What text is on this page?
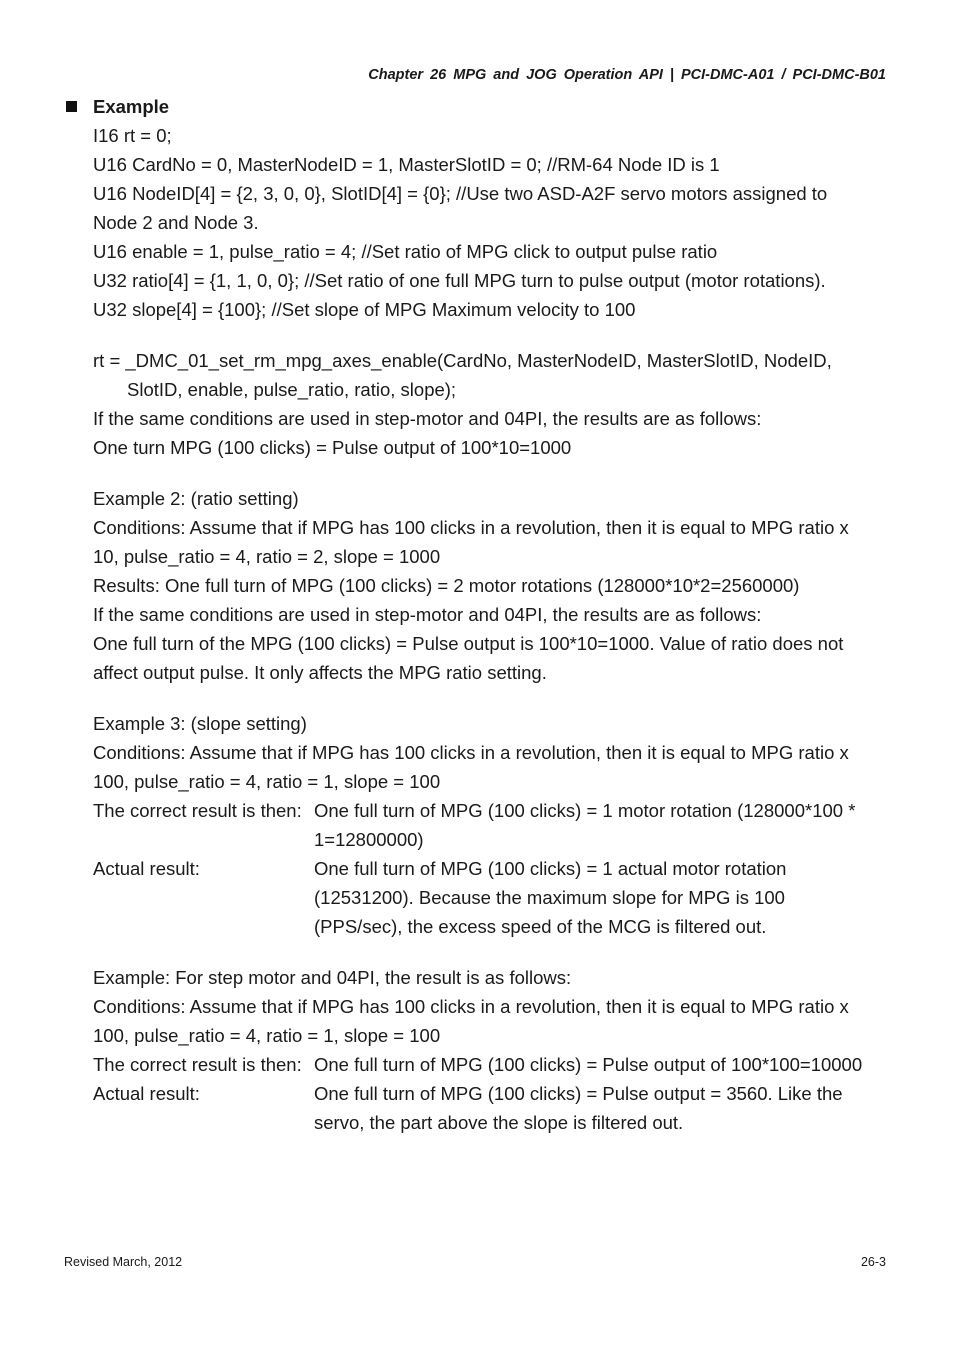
Chapter 26 MPG and JOG Operation API | PCI-DMC-A01 / PCI-DMC-B01
Example
I16 rt = 0;
U16 CardNo = 0, MasterNodeID = 1, MasterSlotID = 0; //RM-64 Node ID is 1
U16 NodeID[4] = {2, 3, 0, 0}, SlotID[4] = {0}; //Use two ASD-A2F servo motors assigned to
Node 2 and Node 3.
U16 enable = 1, pulse_ratio = 4; //Set ratio of MPG click to output pulse ratio
U32 ratio[4] = {1, 1, 0, 0}; //Set ratio of one full MPG turn to pulse output (motor rotations).
U32 slope[4] = {100}; //Set slope of MPG Maximum velocity to 100
rt = _DMC_01_set_rm_mpg_axes_enable(CardNo, MasterNodeID, MasterSlotID, NodeID,
SlotID, enable, pulse_ratio, ratio, slope);
If the same conditions are used in step-motor and 04PI, the results are as follows:
One turn MPG (100 clicks) = Pulse output of 100*10=1000
Example 2: (ratio setting)
Conditions: Assume that if MPG has 100 clicks in a revolution, then it is equal to MPG ratio x
10, pulse_ratio = 4, ratio = 2, slope = 1000
Results: One full turn of MPG (100 clicks) = 2 motor rotations (128000*10*2=2560000)
If the same conditions are used in step-motor and 04PI, the results are as follows:
One full turn of the MPG (100 clicks) = Pulse output is 100*10=1000. Value of ratio does not
affect output pulse. It only affects the MPG ratio setting.
Example 3: (slope setting)
Conditions: Assume that if MPG has 100 clicks in a revolution, then it is equal to MPG ratio x
100, pulse_ratio = 4, ratio = 1, slope = 100
The correct result is then: One full turn of MPG (100 clicks) = 1 motor rotation (128000*100 *
1=12800000)
Actual result:	One full turn of MPG (100 clicks) = 1 actual motor rotation
(12531200). Because the maximum slope for MPG is 100
(PPS/sec), the excess speed of the MCG is filtered out.
Example: For step motor and 04PI, the result is as follows:
Conditions: Assume that if MPG has 100 clicks in a revolution, then it is equal to MPG ratio x
100, pulse_ratio = 4, ratio = 1, slope = 100
The correct result is then: One full turn of MPG (100 clicks) = Pulse output of 100*100=10000
Actual result:	One full turn of MPG (100 clicks) = Pulse output = 3560. Like the
servo, the part above the slope is filtered out.
Revised March, 2012	26-3
